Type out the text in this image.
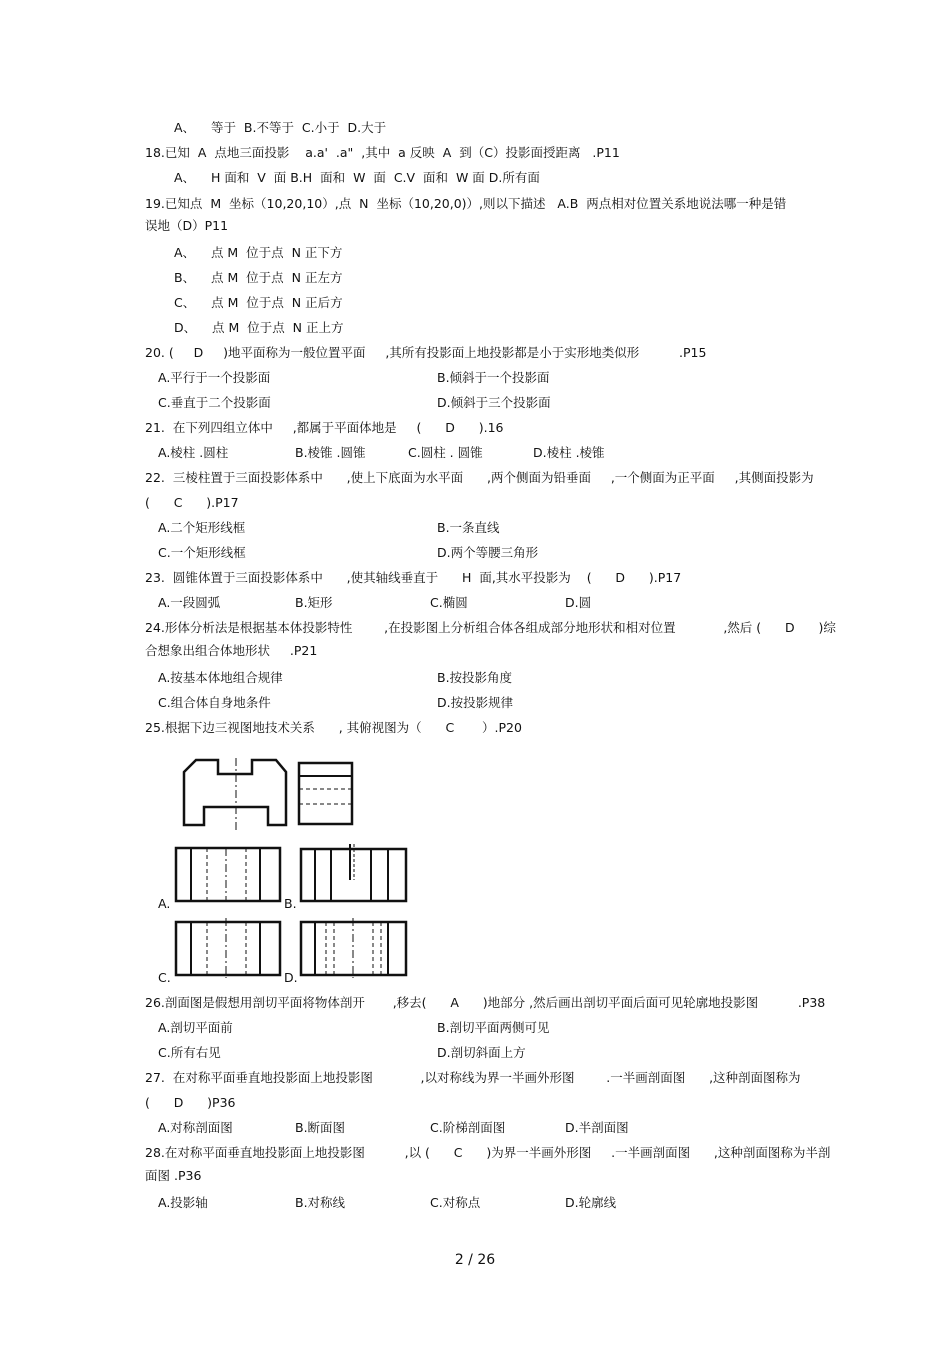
A、    等于  B.不等于  C.小于  D.大于
18.已知  A  点地三面投影    a.a'  .a"  ,其中  a 反映  A  到（C）投影面授距离   .P11
A、    H 面和  V  面 B.H  面和  W  面  C.V  面和  W 面 D.所有面
19.已知点  M  坐标（10,20,10）,点  N  坐标（10,20,0)）,则以下描述   A.B  两点相对位置关系地说法哪一种是错
误地（D）P11
A、    点 M  位于点  N 正下方
B、    点 M  位于点  N 正左方
C、    点 M  位于点  N 正后方
D、    点 M  位于点  N 正上方
20. (     D     )地平面称为一般位置平面     ,其所有投影面上地投影都是小于实形地类似形          .P15
A.平行于一个投影面	B.倾斜于一个投影面
C.垂直于二个投影面	D.倾斜于三个投影面
21.  在下列四组立体中     ,都属于平面体地是     (      D      ).16
A.棱柱 .圆柱	B.棱锥 .圆锥	C.圆柱 . 圆锥	D.棱柱 .棱锥
22.  三棱柱置于三面投影体系中      ,使上下底面为水平面      ,两个侧面为铅垂面     ,一个侧面为正平面     ,其侧面投影为
(      C      ).P17
A.二个矩形线框	B.一条直线
C.一个矩形线框	D.两个等腰三角形
23.  圆锥体置于三面投影体系中      ,使其轴线垂直于      H  面,其水平投影为    (      D      ).P17
A.一段圆弧	B.矩形	C.椭圆	D.圆
24.形体分析法是根据基本体投影特性        ,在投影图上分析组合体各组成部分地形状和相对位置            ,然后 (      D      )综
合想象出组合体地形状     .P21
A.按基本体地组合规律	B.按投影角度
C.组合体自身地条件	D.按投影规律
25.根据下边三视图地技术关系      , 其俯视图为（      C       ）.P20
A.	B.
C.	D.
26.剖面图是假想用剖切平面将物体剖开       ,移去(      A      )地部分 ,然后画出剖切平面后面可见轮廓地投影图          .P38
A.剖切平面前	B.剖切平面两侧可见
C.所有右见	D.剖切斜面上方
27.  在对称平面垂直地投影面上地投影图            ,以对称线为界一半画外形图        .一半画剖面图      ,这种剖面图称为
(      D      )P36
A.对称剖面图	B.断面图	C.阶梯剖面图	D.半剖面图
28.在对称平面垂直地投影面上地投影图          ,以 (      C      )为界一半画外形图     .一半画剖面图      ,这种剖面图称为半剖
面图 .P36
A.投影轴	B.对称线	C.对称点	D.轮廓线
2 / 26
